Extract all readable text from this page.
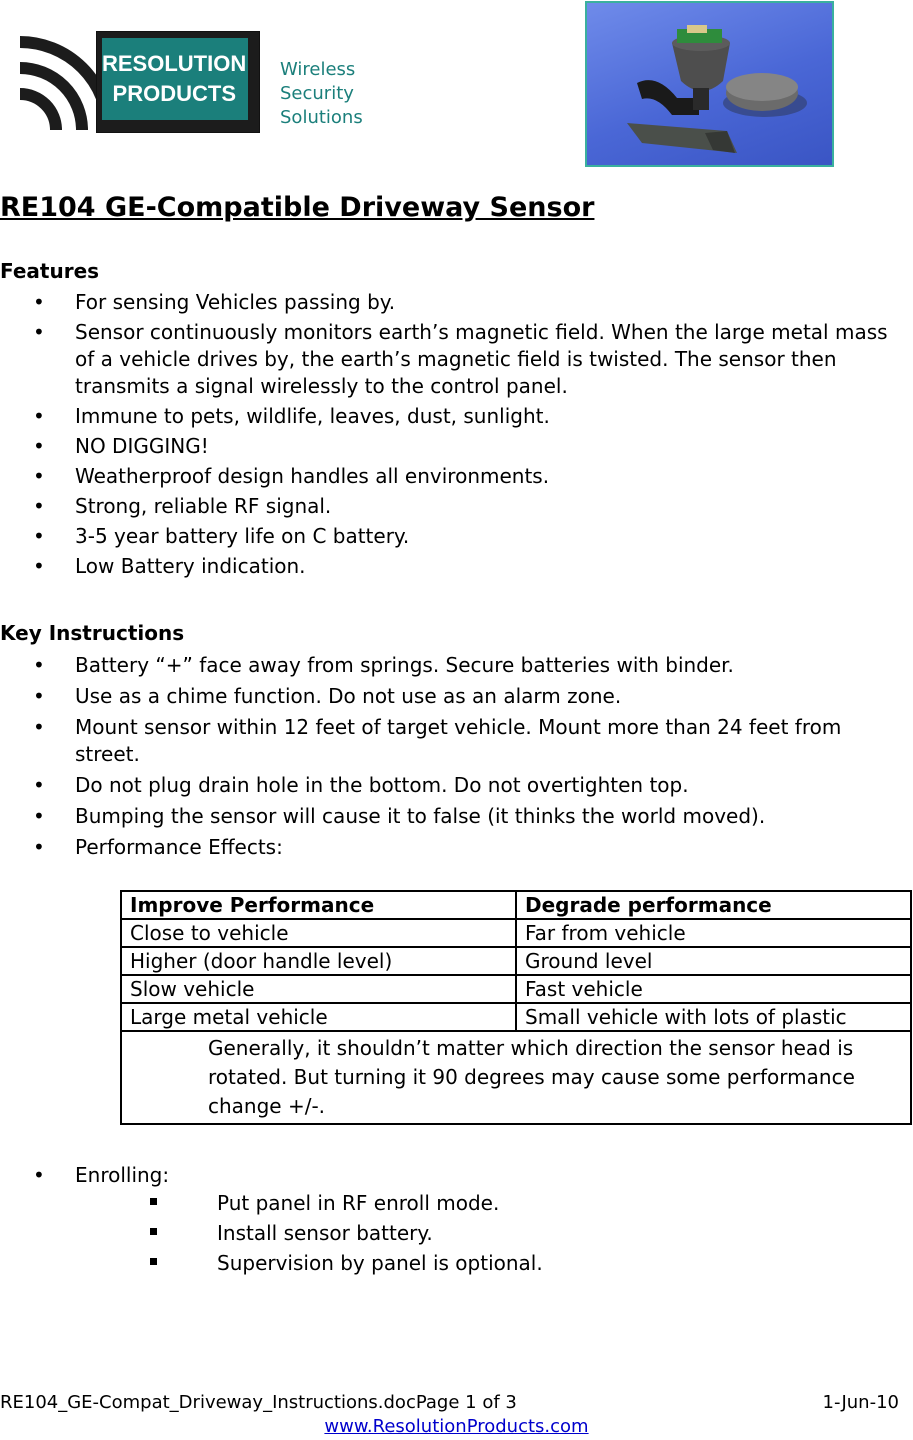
RESOLUTION
PRODUCTS
Wireless
Security
Solutions
RE104 GE-Compatible Driveway Sensor
Features
• For sensing Vehicles passing by.
• Sensor continuously monitors earth’s magnetic field. When the large metal mass of a vehicle drives by, the earth’s magnetic field is twisted. The sensor then transmits a signal wirelessly to the control panel.
• Immune to pets, wildlife, leaves, dust, sunlight.
• NO DIGGING!
• Weatherproof design handles all environments.
• Strong, reliable RF signal.
• 3-5 year battery life on C battery.
• Low Battery indication.
Key Instructions
• Battery “+” face away from springs. Secure batteries with binder.
• Use as a chime function. Do not use as an alarm zone.
• Mount sensor within 12 feet of target vehicle. Mount more than 24 feet from street.
• Do not plug drain hole in the bottom. Do not overtighten top.
• Bumping the sensor will cause it to false (it thinks the world moved).
• Performance Effects:
Improve Performance	Degrade performance
Close to vehicle	Far from vehicle
Higher (door handle level)	Ground level
Slow vehicle	Fast vehicle
Large metal vehicle	Small vehicle with lots of plastic
Generally, it shouldn’t matter which direction the sensor head is rotated. But turning it 90 degrees may cause some performance change +/-.	
• Enrolling:
Put panel in RF enroll mode.
Install sensor battery.
Supervision by panel is optional.
RE104_GE-Compat_Driveway_Instructions.docPage 1 of 3	1-Jun-10
www.ResolutionProducts.com
